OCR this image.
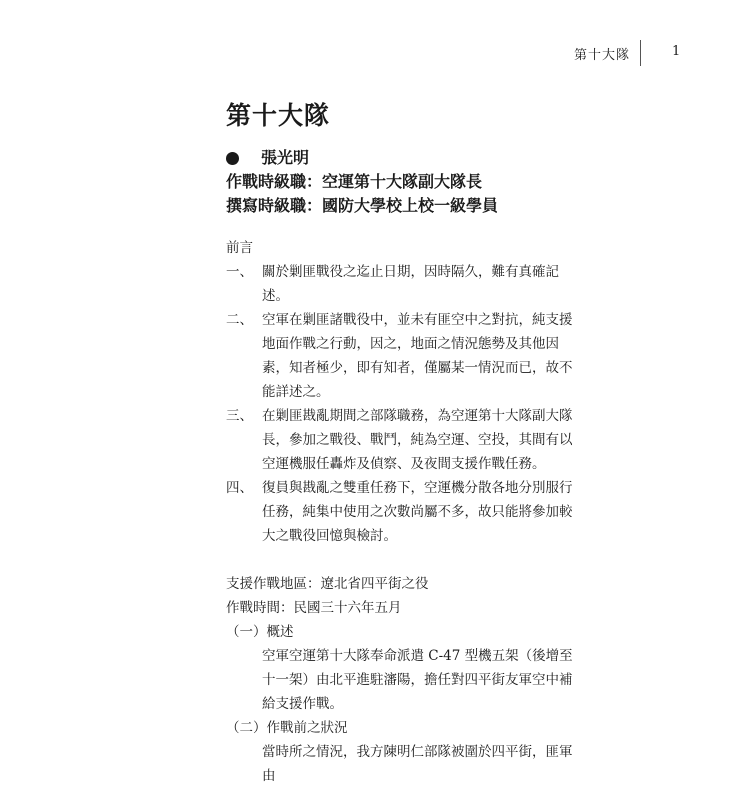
第十大隊	1
第十大隊
張光明
作戰時級職：空運第十大隊副大隊長
撰寫時級職：國防大學校上校一級學員

前言

一、 關於剿匪戰役之迄止日期，因時隔久，難有真確記述。
二、 空軍在剿匪諸戰役中，並未有匪空中之對抗，純支援地面作戰之行動，因之，地面之情況態勢及其他因素，知者極少，即有知者，僅屬某一情況而已，故不能詳述之。
三、 在剿匪戡亂期間之部隊職務，為空運第十大隊副大隊長，參加之戰役、戰鬥，純為空運、空投，其間有以空運機服任轟炸及偵察、及夜間支援作戰任務。
四、 復員與戡亂之雙重任務下，空運機分散各地分別服行任務，純集中使用之次數尚屬不多，故只能將參加較大之戰役回憶與檢討。

支援作戰地區：遼北省四平街之役

作戰時間：民國三十六年五月

（一）概述

空軍空運第十大隊奉命派遣 C-47 型機五架（後增至十一架）由北平進駐瀋陽，擔任對四平街友軍空中補給支援作戰。

（二）作戰前之狀況

當時所之情況，我方陳明仁部隊被圍於四平街，匪軍由
